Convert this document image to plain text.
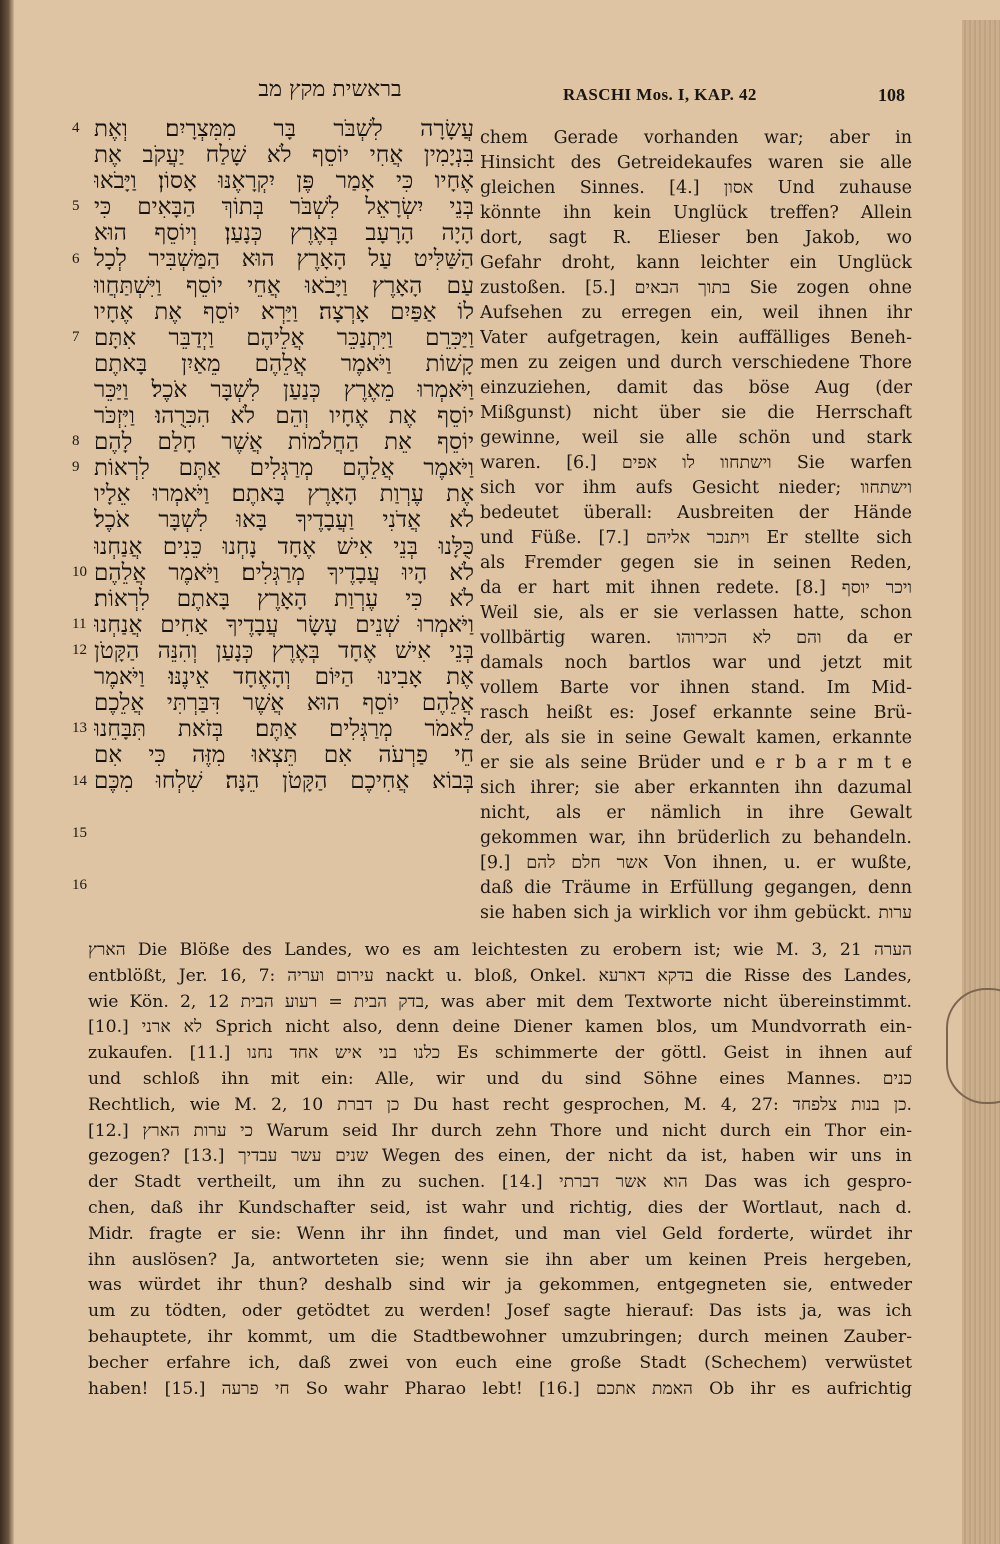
בראשית מקץ מב	RASCHI Mos. I, KAP. 42	108
4
5
6
7
8
9
10
11
12
13
14
15
16
עֲשָׂרָה לִשְׁבֹּר בָּר מִמִּצְרָיִם׃ וְאֶת
בִּנְיָמִין אֲחִי יוֹסֵף לֹא שָׁלַח יַעֲקֹב אֶת
אֶחָיו כִּי אָמַר פֶּן יִקְרָאֶנּוּ אָסוֹן׃ וַיָּבֹאוּ
בְּנֵי יִשְׂרָאֵל לִשְׁבֹּר בְּתוֹךְ הַבָּאִים כִּי
הָיָה הָרָעָב בְּאֶרֶץ כְּנָעַן׃ וְיוֹסֵף הוּא
הַשַּׁלִּיט עַל הָאָרֶץ הוּא הַמַּשְׁבִּיר לְכָל
עַם הָאָרֶץ וַיָּבֹאוּ אֲחֵי יוֹסֵף וַיִּשְׁתַּחֲווּ
לוֹ אַפַּיִם אָרְצָה׃ וַיַּרְא יוֹסֵף אֶת אֶחָיו
וַיַּכִּרֵם וַיִּתְנַכֵּר אֲלֵיהֶם וַיְדַבֵּר אִתָּם
קָשׁוֹת וַיֹּאמֶר אֲלֵהֶם מֵאַיִן בָּאתֶם
וַיֹּאמְרוּ מֵאֶרֶץ כְּנַעַן לִשְׁבָּר אֹכֶל׃ וַיַּכֵּר
יוֹסֵף אֶת אֶחָיו וְהֵם לֹא הִכִּרֻהוּ׃ וַיִּזְכֹּר
יוֹסֵף אֵת הַחֲלֹמוֹת אֲשֶׁר חָלַם לָהֶם
וַיֹּאמֶר אֲלֵהֶם מְרַגְּלִים אַתֶּם לִרְאוֹת
אֶת עֶרְוַת הָאָרֶץ בָּאתֶם׃ וַיֹּאמְרוּ אֵלָיו
לֹא אֲדֹנִי וַעֲבָדֶיךָ בָּאוּ לִשְׁבָּר אֹכֶל׃
כֻּלָּנוּ בְּנֵי אִישׁ אֶחָד נָחְנוּ כֵּנִים אֲנַחְנוּ
לֹא הָיוּ עֲבָדֶיךָ מְרַגְּלִים׃ וַיֹּאמֶר אֲלֵהֶם
לֹא כִּי עֶרְוַת הָאָרֶץ בָּאתֶם לִרְאוֹת׃
וַיֹּאמְרוּ שְׁנֵים עָשָׂר עֲבָדֶיךָ אַחִים אֲנַחְנוּ
בְּנֵי אִישׁ אֶחָד בְּאֶרֶץ כְּנָעַן וְהִנֵּה הַקָּטֹן
אֶת אָבִינוּ הַיּוֹם וְהָאֶחָד אֵינֶנּוּ׃ וַיֹּאמֶר
אֲלֵהֶם יוֹסֵף הוּא אֲשֶׁר דִּבַּרְתִּי אֲלֵכֶם
לֵאמֹר מְרַגְּלִים אַתֶּם׃ בְּזֹאת תִּבָּחֵנוּ
חֵי פַרְעֹה אִם תֵּצְאוּ מִזֶּה כִּי אִם
בְּבוֹא אֲחִיכֶם הַקָּטֹן הֵנָּה׃ שִׁלְחוּ מִכֶּם
chem Gerade vorhanden war; aber in
Hinsicht des Getreidekaufes waren sie alle
gleichen Sinnes. [4.] אסון Und zuhause
könnte ihn kein Unglück treffen? Allein
dort, sagt R. Elieser ben Jakob, wo
Gefahr droht, kann leichter ein Unglück
zustoßen. [5.] בתוך הבאים Sie zogen ohne
Aufsehen zu erregen ein, weil ihnen ihr
Vater aufgetragen, kein auffälliges Beneh-
men zu zeigen und durch verschiedene Thore
einzuziehen, damit das böse Aug (der
Mißgunst) nicht über sie die Herrschaft
gewinne, weil sie alle schön und stark
waren. [6.] וישתחוו לו אפים Sie warfen
sich vor ihm aufs Gesicht nieder; וישתחוו
bedeutet überall: Ausbreiten der Hände
und Füße. [7.] ויתנכר אליהם Er stellte sich
als Fremder gegen sie in seinen Reden,
da er hart mit ihnen redete. [8.] ויכר יוסף
Weil sie, als er sie verlassen hatte, schon
vollbärtig waren. והם לא הכירוהו da er
damals noch bartlos war und jetzt mit
vollem Barte vor ihnen stand. Im Mid-
rasch heißt es: Josef erkannte seine Brü-
der, als sie in seine Gewalt kamen, erkannte
er sie als seine Brüder und e r b a r m t e
sich ihrer; sie aber erkannten ihn dazumal
nicht, als er nämlich in ihre Gewalt
gekommen war, ihn brüderlich zu behandeln.
[9.] אשר חלם להם Von ihnen, u. er wußte,
daß die Träume in Erfüllung gegangen, denn
sie haben sich ja wirklich vor ihm gebückt. ערות
הארץ Die Blöße des Landes, wo es am leichtesten zu erobern ist; wie M. 3, 21 הערה
entblößt, Jer. 16, 7: עירום ועריה nackt u. bloß, Onkel. בדקא דארעא die Risse des Landes,
wie Kön. 2, 12 בדק הבית = רעוע הבית, was aber mit dem Textworte nicht übereinstimmt.
[10.] לא ארני Sprich nicht also, denn deine Diener kamen blos, um Mundvorrath ein-
zukaufen. [11.] כלנו בני איש אחד נחנו Es schimmerte der göttl. Geist in ihnen auf
und schloß ihn mit ein: Alle, wir und du sind Söhne eines Mannes. כנים
Rechtlich, wie M. 2, 10 כן דברת Du hast recht gesprochen, M. 4, 27: כן בנות צלפחד.
[12.] כי ערות הארץ Warum seid Ihr durch zehn Thore und nicht durch ein Thor ein-
gezogen? [13.] שנים עשר עבדיך Wegen des einen, der nicht da ist, haben wir uns in
der Stadt vertheilt, um ihn zu suchen. [14.] הוא אשר דברתי Das was ich gespro-
chen, daß ihr Kundschafter seid, ist wahr und richtig, dies der Wortlaut, nach d.
Midr. fragte er sie: Wenn ihr ihn findet, und man viel Geld forderte, würdet ihr
ihn auslösen? Ja, antworteten sie; wenn sie ihn aber um keinen Preis hergeben,
was würdet ihr thun? deshalb sind wir ja gekommen, entgegneten sie, entweder
um zu tödten, oder getödtet zu werden! Josef sagte hierauf: Das ists ja, was ich
behauptete, ihr kommt, um die Stadtbewohner umzubringen; durch meinen Zauber-
becher erfahre ich, daß zwei von euch eine große Stadt (Schechem) verwüstet
haben! [15.] חי פרעה So wahr Pharao lebt! [16.] האמת אתכם Ob ihr es aufrichtig
